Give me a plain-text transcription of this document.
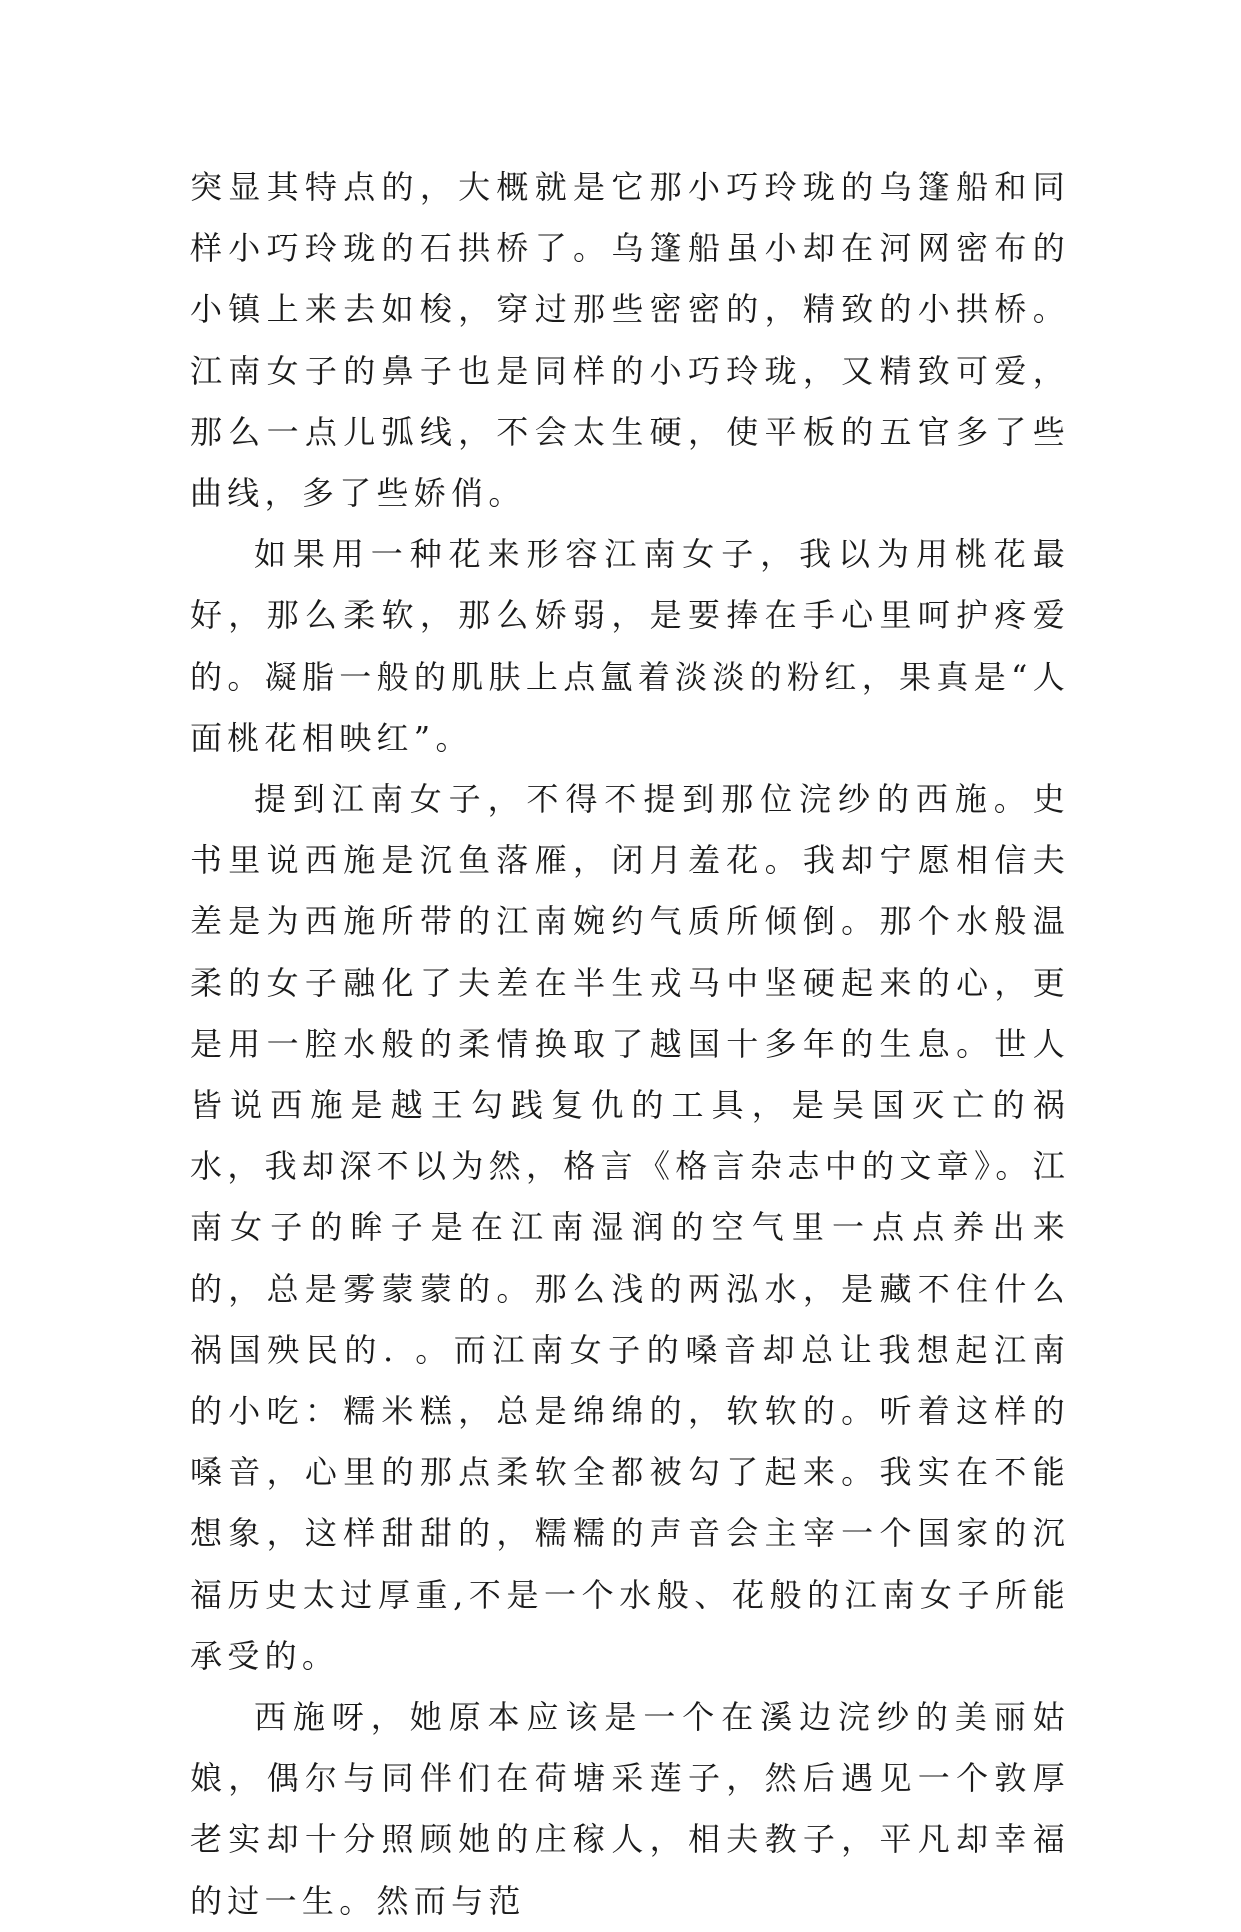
突显其特点的，大概就是它那小巧玲珑的乌篷船和同样小巧玲珑的石拱桥了。乌篷船虽小却在河网密布的小镇上来去如梭，穿过那些密密的，精致的小拱桥。江南女子的鼻子也是同样的小巧玲珑，又精致可爱，那么一点儿弧线，不会太生硬，使平板的五官多了些曲线，多了些娇俏。

如果用一种花来形容江南女子，我以为用桃花最好，那么柔软，那么娇弱，是要捧在手心里呵护疼爱的。凝脂一般的肌肤上点氲着淡淡的粉红，果真是“人面桃花相映红”。

提到江南女子，不得不提到那位浣纱的西施。史书里说西施是沉鱼落雁，闭月羞花。我却宁愿相信夫差是为西施所带的江南婉约气质所倾倒。那个水般温柔的女子融化了夫差在半生戎马中坚硬起来的心，更是用一腔水般的柔情换取了越国十多年的生息。世人皆说西施是越王勾践复仇的工具，是吴国灭亡的祸水，我却深不以为然，格言《格言杂志中的文章》。江南女子的眸子是在江南湿润的空气里一点点养出来的，总是雾蒙蒙的。那么浅的两泓水，是藏不住什么祸国殃民的. 。而江南女子的嗓音却总让我想起江南的小吃：糯米糕，总是绵绵的，软软的。听着这样的嗓音，心里的那点柔软全都被勾了起来。我实在不能想象，这样甜甜的，糯糯的声音会主宰一个国家的沉福历史太过厚重,不是一个水般、花般的江南女子所能承受的。

西施呀，她原本应该是一个在溪边浣纱的美丽姑娘，偶尔与同伴们在荷塘采莲子，然后遇见一个敦厚老实却十分照顾她的庄稼人，相夫教子，平凡却幸福的过一生。然而与范
